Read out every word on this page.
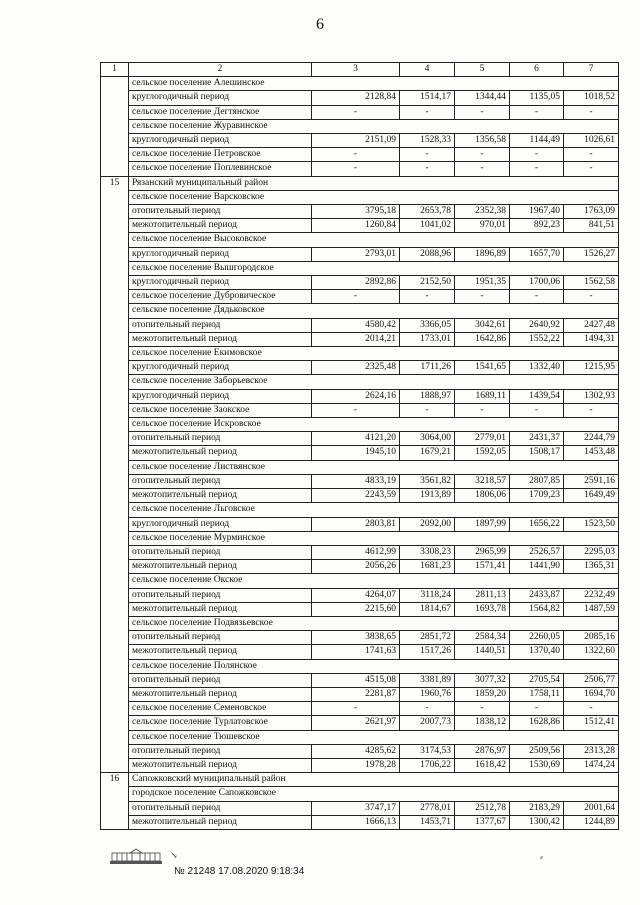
6
1	2	3	4	5	6	7
	сельское поселение Алешинское					
	круглогодичный период	2128,84	1514,17	1344,44	1135,05	1018,52
	сельское поселение Дегтянское	-	-	-	-	-
	сельское поселение Журавинское					
	круглогодичный период	2151,09	1528,33	1356,58	1144,49	1026,61
	сельское поселение Петровское	-	-	-	-	-
	сельское поселение Поплевинское	-	-	-	-	-
15	Рязанский муниципальный район					
	сельское поселение Варсковское					
	отопительный период	3795,18	2653,78	2352,38	1967,40	1763,09
	межотопительный период	1260,84	1041,02	970,01	892,23	841,51
	сельское поселение Высоковское					
	круглогодичный период	2793,01	2088,96	1896,89	1657,70	1526,27
	сельское поселение Вышгородское					
	круглогодичный период	2892,86	2152,50	1951,35	1700,06	1562,58
	сельское поселение Дубровическое	-	-	-	-	-
	сельское поселение Дядьковское					
	отопительный период	4580,42	3366,05	3042,61	2640,92	2427,48
	межотопительный период	2014,21	1733,01	1642,86	1552,22	1494,31
	сельское поселение Екимовское					
	круглогодичный период	2325,48	1711,26	1541,65	1332,40	1215,95
	сельское поселение Заборьевское					
	круглогодичный период	2624,16	1888,97	1689,11	1439,54	1302,93
	сельское поселение Заокское	-	-	-	-	-
	сельское поселение Искровское					
	отопительный период	4121,20	3064,00	2779,01	2431,37	2244,79
	межотопительный период	1945,10	1679,21	1592,05	1508,17	1453,48
	сельское поселение Листвянское					
	отопительный период	4833,19	3561,82	3218,57	2807,85	2591,16
	межотопительный период	2243,59	1913,89	1806,06	1709,23	1649,49
	сельское поселение Льговское					
	круглогодичный период	2803,81	2092,00	1897,99	1656,22	1523,50
	сельское поселение Мурминское					
	отопительный период	4612,99	3308,23	2965,99	2526,57	2295,03
	межотопительный период	2056,26	1681,23	1571,41	1441,90	1365,31
	сельское поселение Окское					
	отопительный период	4264,07	3118,24	2811,13	2433,87	2232,49
	межотопительный период	2215,60	1814,67	1693,78	1564,82	1487,59
	сельское поселение Подвязьевское					
	отопительный период	3838,65	2851,72	2584,34	2260,05	2085,16
	межотопительный период	1741,63	1517,26	1440,51	1370,40	1322,60
	сельское поселение Полянское					
	отопительный период	4515,08	3381,89	3077,32	2705,54	2506,77
	межотопительный период	2281,87	1960,76	1859,20	1758,11	1694,70
	сельское поселение Семеновское	-	-	-	-	-
	сельское поселение Турлатовское	2621,97	2007,73	1838,12	1628,86	1512,41
	сельское поселение Тюшевское					
	отопительный период	4285,62	3174,53	2876,97	2509,56	2313,28
	межотопительный период	1978,28	1706,22	1618,42	1530,69	1474,24
16	Сапожковский муниципальный район					
	городское поселение Сапожковское					
	отопительный период	3747,17	2778,01	2512,78	2183,29	2001,64
	межотопительный период	1666,13	1453,71	1377,67	1300,42	1244,89
№ 21248 17.08.2020 9:18:34
↘	⸗
